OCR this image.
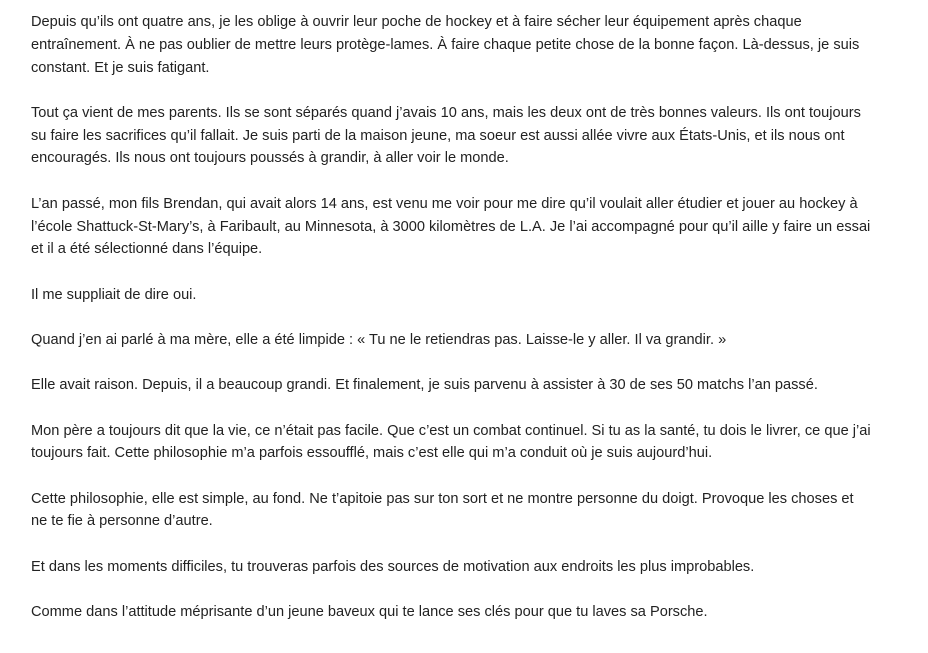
Depuis qu’ils ont quatre ans, je les oblige à ouvrir leur poche de hockey et à faire sécher leur équipement après chaque entraînement. À ne pas oublier de mettre leurs protège-lames. À faire chaque petite chose de la bonne façon. Là-dessus, je suis constant. Et je suis fatigant.

Tout ça vient de mes parents. Ils se sont séparés quand j’avais 10 ans, mais les deux ont de très bonnes valeurs. Ils ont toujours su faire les sacrifices qu’il fallait. Je suis parti de la maison jeune, ma soeur est aussi allée vivre aux États-Unis, et ils nous ont encouragés. Ils nous ont toujours poussés à grandir, à aller voir le monde.

L’an passé, mon fils Brendan, qui avait alors 14 ans, est venu me voir pour me dire qu’il voulait aller étudier et jouer au hockey à l’école Shattuck-St-Mary’s, à Faribault, au Minnesota, à 3000 kilomètres de L.A. Je l’ai accompagné pour qu’il aille y faire un essai et il a été sélectionné dans l’équipe.

Il me suppliait de dire oui.

Quand j’en ai parlé à ma mère, elle a été limpide : « Tu ne le retiendras pas. Laisse-le y aller. Il va grandir. »

Elle avait raison. Depuis, il a beaucoup grandi. Et finalement, je suis parvenu à assister à 30 de ses 50 matchs l’an passé.

Mon père a toujours dit que la vie, ce n’était pas facile. Que c’est un combat continuel. Si tu as la santé, tu dois le livrer, ce que j’ai toujours fait. Cette philosophie m’a parfois essoufflé, mais c’est elle qui m’a conduit où je suis aujourd’hui.

Cette philosophie, elle est simple, au fond. Ne t’apitoie pas sur ton sort et ne montre personne du doigt. Provoque les choses et ne te fie à personne d’autre.

Et dans les moments difficiles, tu trouveras parfois des sources de motivation aux endroits les plus improbables.

Comme dans l’attitude méprisante d’un jeune baveux qui te lance ses clés pour que tu laves sa Porsche.
